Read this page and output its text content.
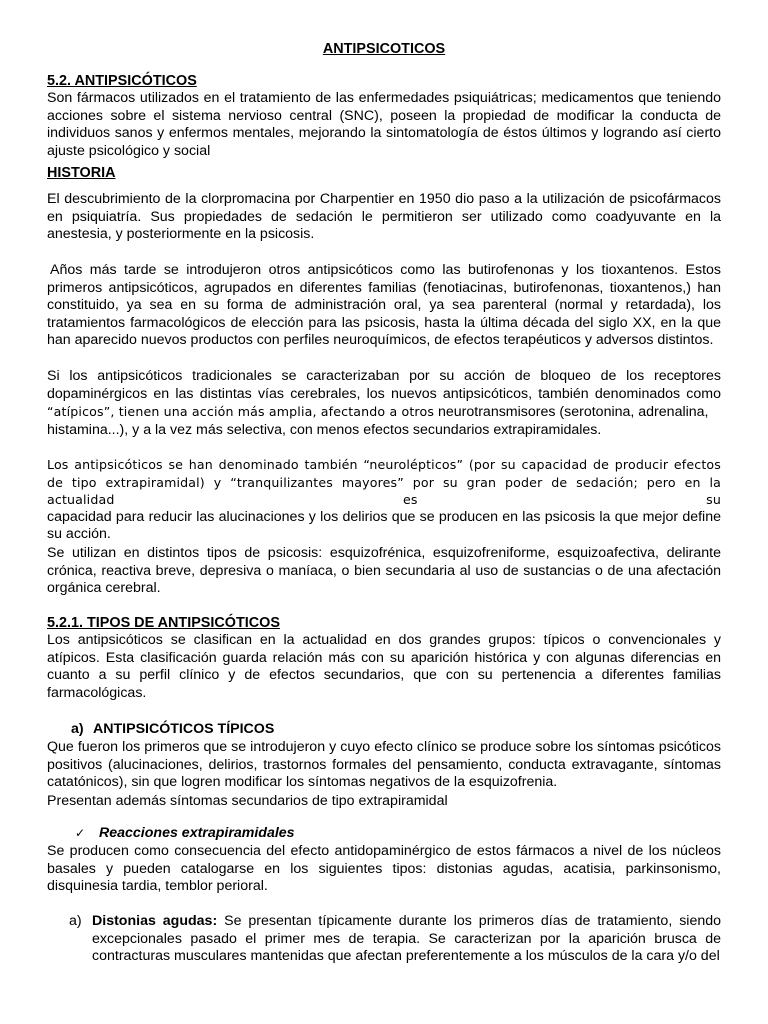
ANTIPSICOTICOS
5.2. ANTIPSICÓTICOS

Son fármacos utilizados en el tratamiento de las enfermedades psiquiátricas; medicamentos que teniendo acciones sobre el sistema nervioso central (SNC), poseen la propiedad de modificar la conducta de individuos sanos y enfermos mentales, mejorando la sintomatología de éstos últimos y logrando así cierto ajuste psicológico y social

HISTORIA

El descubrimiento de la clorpromacina por Charpentier en 1950 dio paso a la utilización de psicofármacos en psiquiatría. Sus propiedades de sedación le permitieron ser utilizado como coadyuvante en la anestesia, y posteriormente en la psicosis.

Años más tarde se introdujeron otros antipsicóticos como las butirofenonas y los tioxantenos. Estos primeros antipsicóticos, agrupados en diferentes familias (fenotiacinas, butirofenonas, tioxantenos,) han constituido, ya sea en su forma de administración oral, ya sea parenteral (normal y retardada), los tratamientos farmacológicos de elección para las psicosis, hasta la última década del siglo XX, en la que han aparecido nuevos productos con perfiles neuroquímicos, de efectos terapéuticos y adversos distintos.

Si los antipsicóticos tradicionales se caracterizaban por su acción de bloqueo de los receptores dopaminérgicos en las distintas vías cerebrales, los nuevos antipsicóticos, también denominados como
“atípicos”, tienen una acción más amplia, afectando a otros neurotransmisores (serotonina, adrenalina, histamina...), y a la vez más selectiva, con menos efectos secundarios extrapiramidales.
Los antipsicóticos se han denominado también “neurolépticos” (por su capacidad de producir efectos de tipo extrapiramidal) y “tranquilizantes mayores” por su gran poder de sedación; pero en la actualidad es su
capacidad para reducir las alucinaciones y los delirios que se producen en las psicosis la que mejor define su acción.

Se utilizan en distintos tipos de psicosis: esquizofrénica, esquizofreniforme, esquizoafectiva, delirante crónica, reactiva breve, depresiva o maníaca, o bien secundaria al uso de sustancias o de una afectación orgánica cerebral.

5.2.1. TIPOS DE ANTIPSICÓTICOS

Los antipsicóticos se clasifican en la actualidad en dos grandes grupos: típicos o convencionales y atípicos. Esta clasificación guarda relación más con su aparición histórica y con algunas diferencias en cuanto a su perfil clínico y de efectos secundarios, que con su pertenencia a diferentes familias farmacológicas.

a) ANTIPSICÓTICOS TÍPICOS

Que fueron los primeros que se introdujeron y cuyo efecto clínico se produce sobre los síntomas psicóticos positivos (alucinaciones, delirios, trastornos formales del pensamiento, conducta extravagante, síntomas catatónicos), sin que logren modificar los síntomas negativos de la esquizofrenia.

Presentan además síntomas secundarios de tipo extrapiramidal

✓ Reacciones extrapiramidales

Se producen como consecuencia del efecto antidopaminérgico de estos fármacos a nivel de los núcleos basales y pueden catalogarse en los siguientes tipos: distonias agudas, acatisia, parkinsonismo, disquinesia tardia, temblor perioral.

a) Distonias agudas: Se presentan típicamente durante los primeros días de tratamiento, siendo excepcionales pasado el primer mes de terapia. Se caracterizan por la aparición brusca de contracturas musculares mantenidas que afectan preferentemente a los músculos de la cara y/o del
